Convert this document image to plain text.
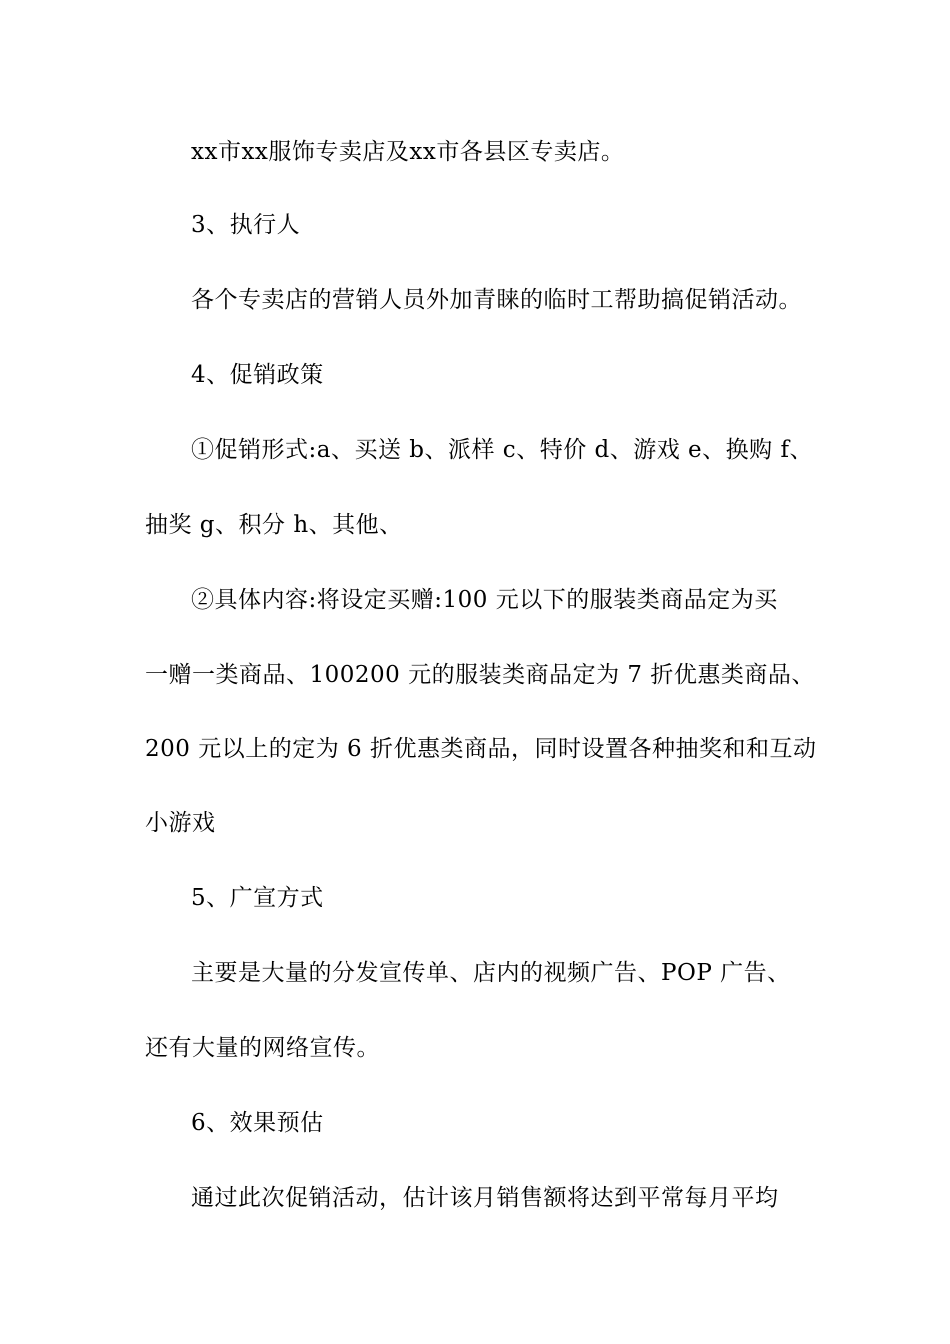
xx市xx服饰专卖店及xx市各县区专卖店。
3、执行人
各个专卖店的营销人员外加青睐的临时工帮助搞促销活动。
4、促销政策
①促销形式:a、买送 b、派样 c、特价 d、游戏 e、换购 f、
抽奖 g、积分 h、其他、
②具体内容:将设定买赠:100 元以下的服装类商品定为买
一赠一类商品、100200 元的服装类商品定为 7 折优惠类商品、
200 元以上的定为 6 折优惠类商品，同时设置各种抽奖和和互动
小游戏
5、广宣方式
主要是大量的分发宣传单、店内的视频广告、POP 广告、
还有大量的网络宣传。
6、效果预估
通过此次促销活动，估计该月销售额将达到平常每月平均
